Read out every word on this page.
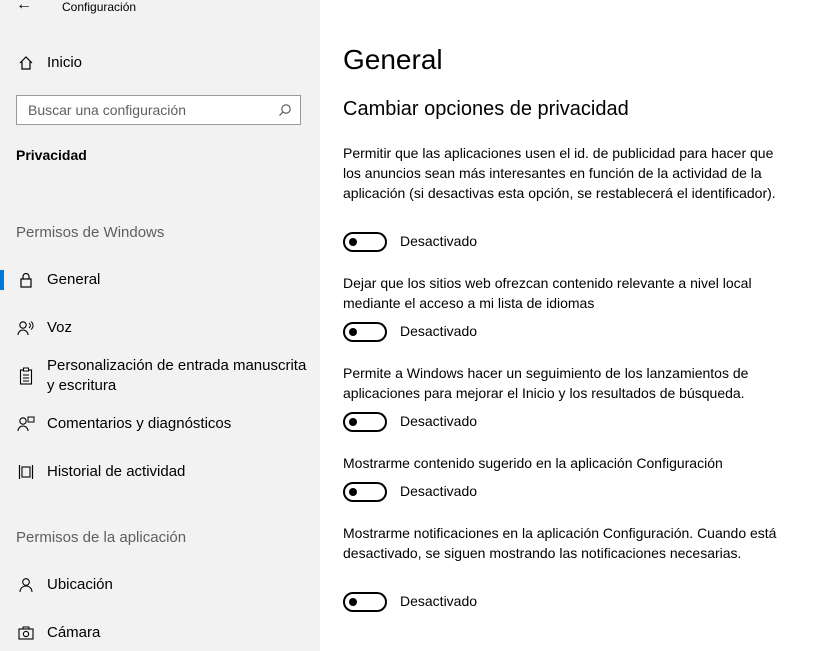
←	Configuración
Inicio
Buscar una configuración
Privacidad
Permisos de Windows
General
Voz
Personalización de entrada manuscrita y escritura
Comentarios y diagnósticos
Historial de actividad
Permisos de la aplicación
Ubicación
Cámara
General
Cambiar opciones de privacidad
Permitir que las aplicaciones usen el id. de publicidad para hacer que los anuncios sean más interesantes en función de la actividad de la aplicación (si desactivas esta opción, se restablecerá el identificador).
Desactivado
Dejar que los sitios web ofrezcan contenido relevante a nivel local mediante el acceso a mi lista de idiomas
Desactivado
Permite a Windows hacer un seguimiento de los lanzamientos de aplicaciones para mejorar el Inicio y los resultados de búsqueda.
Desactivado
Mostrarme contenido sugerido en la aplicación Configuración
Desactivado
Mostrarme notificaciones en la aplicación Configuración. Cuando está desactivado, se siguen mostrando las notificaciones necesarias.
Desactivado
